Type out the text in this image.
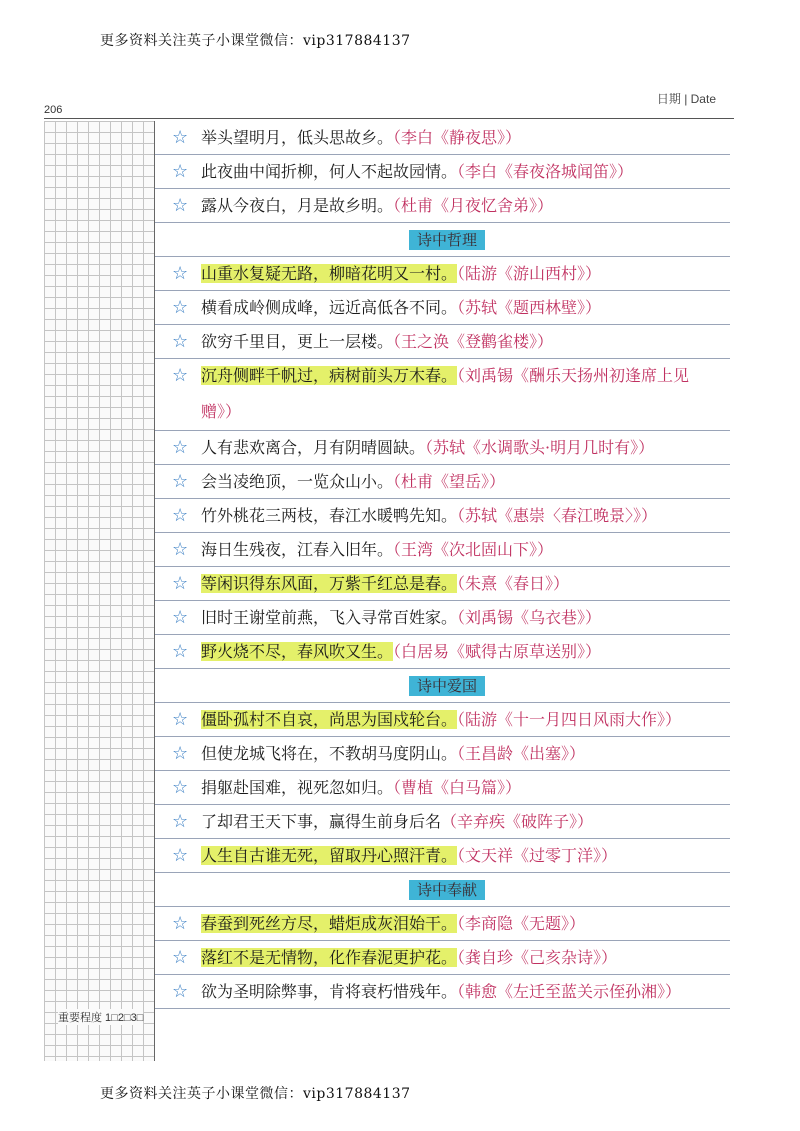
更多资料关注英子小课堂微信：vip317884137
206
日期 | Date
重要程度 1□2□3□
☆ 举头望明月，低头思故乡。（李白《静夜思》）
☆ 此夜曲中闻折柳，何人不起故园情。（李白《春夜洛城闻笛》）
☆ 露从今夜白，月是故乡明。（杜甫《月夜忆舍弟》）
诗中哲理
☆ 山重水复疑无路，柳暗花明又一村。（陆游《游山西村》）
☆ 横看成岭侧成峰，远近高低各不同。（苏轼《题西林壁》）
☆ 欲穷千里目，更上一层楼。（王之涣《登鹳雀楼》）
☆ 沉舟侧畔千帆过，病树前头万木春。（刘禹锡《酬乐天扬州初逢席上见赠》）
☆ 人有悲欢离合，月有阴晴圆缺。（苏轼《水调歌头·明月几时有》）
☆ 会当凌绝顶，一览众山小。（杜甫《望岳》）
☆ 竹外桃花三两枝，春江水暖鸭先知。（苏轼《惠崇〈春江晚景〉》）
☆ 海日生残夜，江春入旧年。（王湾《次北固山下》）
☆ 等闲识得东风面，万紫千红总是春。（朱熹《春日》）
☆ 旧时王谢堂前燕，飞入寻常百姓家。（刘禹锡《乌衣巷》）
☆ 野火烧不尽，春风吹又生。（白居易《赋得古原草送别》）
诗中爱国
☆ 僵卧孤村不自哀，尚思为国戍轮台。（陆游《十一月四日风雨大作》）
☆ 但使龙城飞将在，不教胡马度阴山。（王昌龄《出塞》）
☆ 捐躯赴国难，视死忽如归。（曹植《白马篇》）
☆ 了却君王天下事，赢得生前身后名（辛弃疾《破阵子》）
☆ 人生自古谁无死，留取丹心照汗青。（文天祥《过零丁洋》）
诗中奉献
☆ 春蚕到死丝方尽，蜡炬成灰泪始干。（李商隐《无题》）
☆ 落红不是无情物，化作春泥更护花。（龚自珍《己亥杂诗》）
☆ 欲为圣明除弊事，肯将衰朽惜残年。（韩愈《左迁至蓝关示侄孙湘》）
更多资料关注英子小课堂微信：vip317884137
